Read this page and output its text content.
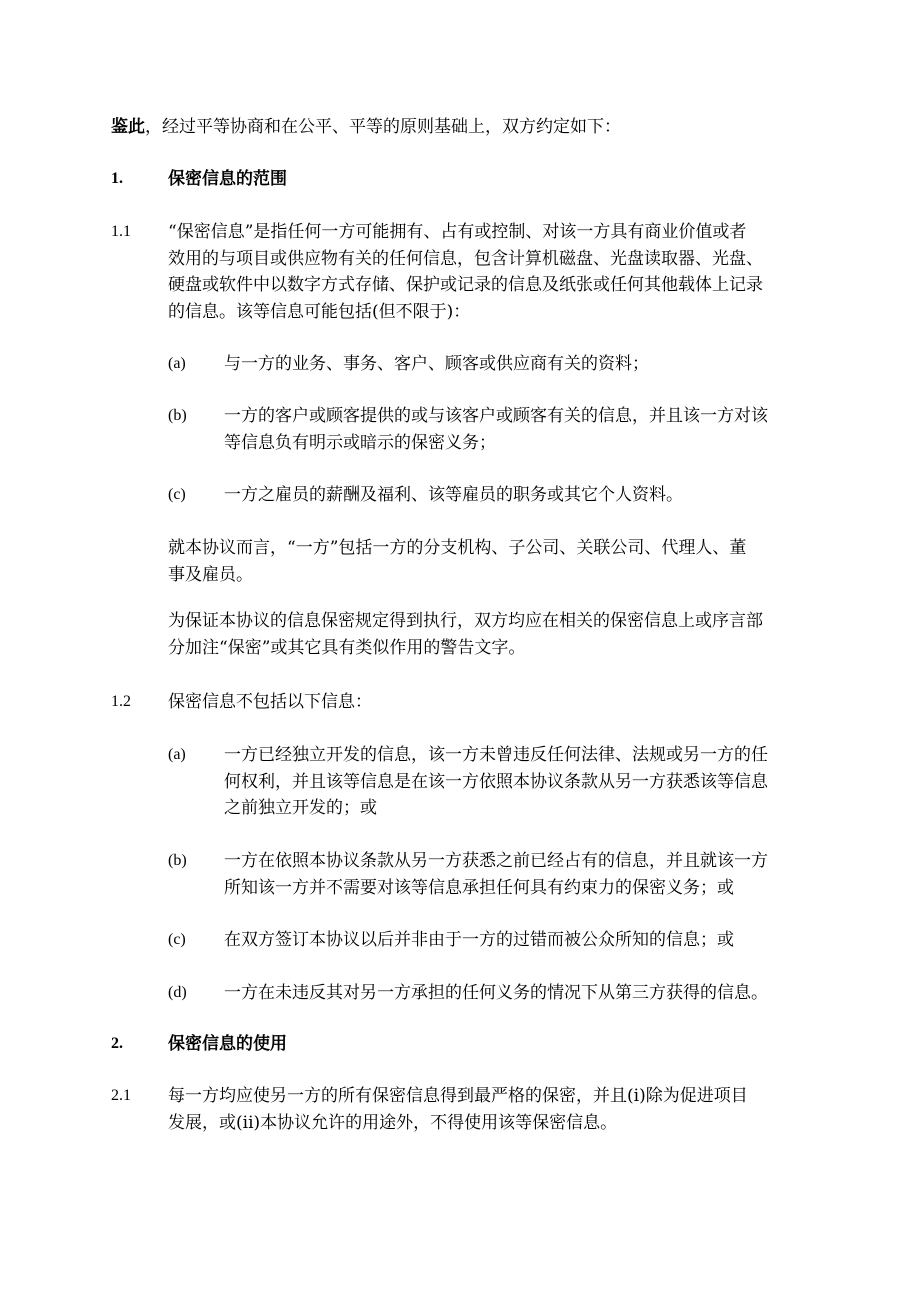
鉴此，经过平等协商和在公平、平等的原则基础上，双方约定如下：
1.	保密信息的范围
1.1 “保密信息”是指任何一方可能拥有、占有或控制、对该一方具有商业价值或者
效用的与项目或供应物有关的任何信息，包含计算机磁盘、光盘读取器、光盘、
硬盘或软件中以数字方式存储、保护或记录的信息及纸张或任何其他载体上记录
的信息。该等信息可能包括(但不限于)：
(a) 与一方的业务、事务、客户、顾客或供应商有关的资料；
(b) 一方的客户或顾客提供的或与该客户或顾客有关的信息，并且该一方对该
等信息负有明示或暗示的保密义务；
(c) 一方之雇员的薪酬及福利、该等雇员的职务或其它个人资料。
就本协议而言，“一方”包括一方的分支机构、子公司、关联公司、代理人、董
事及雇员。
为保证本协议的信息保密规定得到执行，双方均应在相关的保密信息上或序言部
分加注“保密”或其它具有类似作用的警告文字。
1.2 保密信息不包括以下信息：
(a) 一方已经独立开发的信息，该一方未曾违反任何法律、法规或另一方的任
何权利，并且该等信息是在该一方依照本协议条款从另一方获悉该等信息
之前独立开发的；或
(b) 一方在依照本协议条款从另一方获悉之前已经占有的信息，并且就该一方
所知该一方并不需要对该等信息承担任何具有约束力的保密义务；或
(c) 在双方签订本协议以后并非由于一方的过错而被公众所知的信息；或
(d) 一方在未违反其对另一方承担的任何义务的情况下从第三方获得的信息。
2.	保密信息的使用
2.1 每一方均应使另一方的所有保密信息得到最严格的保密，并且(i)除为促进项目
发展，或(ii)本协议允许的用途外，不得使用该等保密信息。
